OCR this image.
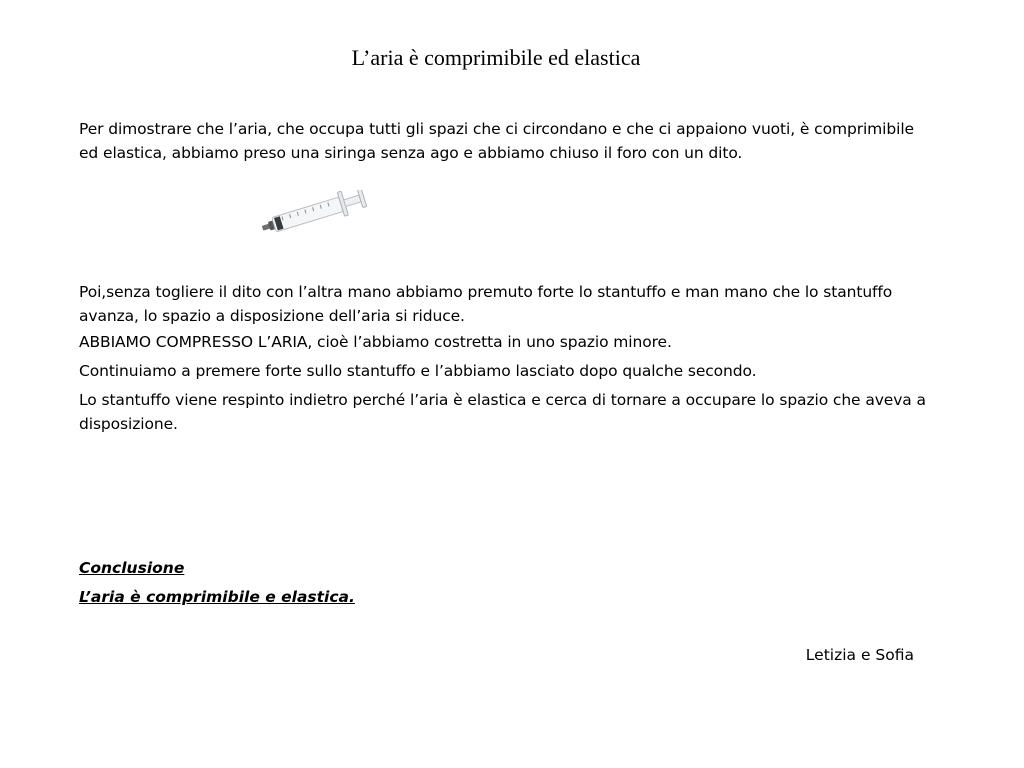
L’aria è comprimibile ed elastica

Per dimostrare che l’aria, che occupa tutti gli spazi che ci circondano e che ci appaiono vuoti, è comprimibile ed elastica, abbiamo preso una siringa senza ago e abbiamo chiuso il foro con un dito.

Poi,senza togliere il dito con l’altra mano abbiamo premuto forte lo stantuffo e man mano che lo stantuffo avanza, lo spazio a disposizione dell’aria si riduce.

ABBIAMO COMPRESSO L’ARIA, cioè l’abbiamo costretta in uno spazio minore.

Continuiamo a premere forte sullo stantuffo e l’abbiamo lasciato dopo qualche secondo.

Lo stantuffo viene respinto indietro perché l’aria è elastica e cerca di tornare a occupare lo spazio che aveva a disposizione.

Conclusione
L’aria è comprimibile e elastica.
Letizia e Sofia
